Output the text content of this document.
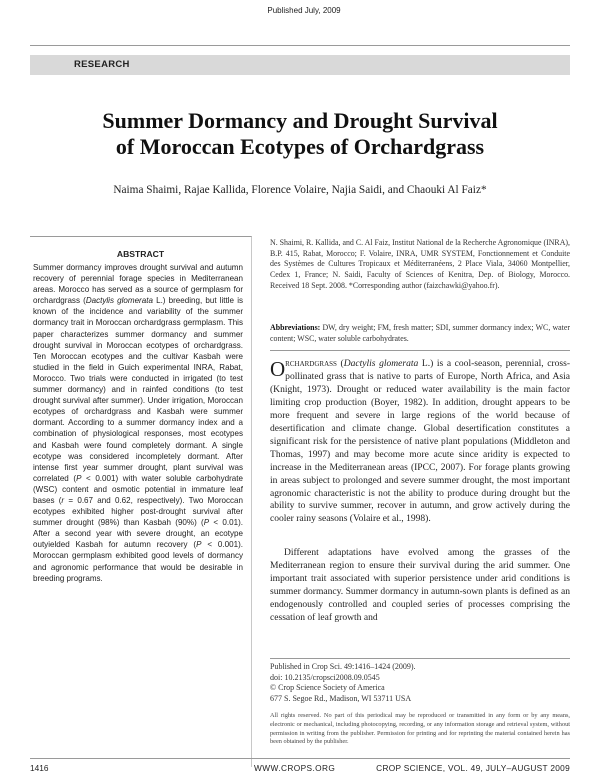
Published July, 2009
RESEARCH
Summer Dormancy and Drought Survival
of Moroccan Ecotypes of Orchardgrass
Naima Shaimi, Rajae Kallida, Florence Volaire, Najia Saidi, and Chaouki Al Faiz*
ABSTRACT

Summer dormancy improves drought survival and autumn recovery of perennial forage species in Mediterranean areas. Morocco has served as a source of germplasm for orchardgrass (Dactylis glomerata L.) breeding, but little is known of the incidence and variability of the summer dormancy trait in Moroccan orchardgrass germplasm. This paper characterizes summer dormancy and summer drought survival in Moroccan ecotypes of orchardgrass. Ten Moroccan ecotypes and the cultivar Kasbah were studied in the field in Guich experimental INRA, Rabat, Morocco. Two trials were conducted in irrigated (to test summer dormancy) and in rainfed conditions (to test drought survival after summer). Under irrigation, Moroccan ecotypes of orchardgrass and Kasbah were summer dormant. According to a summer dormancy index and a combination of physiological responses, most ecotypes and Kasbah were found completely dormant. A single ecotype was considered incompletely dormant. After intense first year summer drought, plant survival was correlated (P < 0.001) with water soluble carbohydrate (WSC) content and osmotic potential in immature leaf bases (r = 0.67 and 0.62, respectively). Two Moroccan ecotypes exhibited higher post-drought survival after summer drought (98%) than Kasbah (90%) (P < 0.01). After a second year with severe drought, an ecotype outyielded Kasbah for autumn recovery (P < 0.001). Moroccan germplasm exhibited good levels of dormancy and agronomic performance that would be desirable in breeding programs.

N. Shaimi, R. Kallida, and C. Al Faiz, Institut National de la Recherche Agronomique (INRA), B.P. 415, Rabat, Morocco; F. Volaire, INRA, UMR SYSTEM, Fonctionnement et Conduite des Systèmes de Cultures Tropicaux et Méditerranéens, 2 Place Viala, 34060 Montpellier, Cedex 1, France; N. Saidi, Faculty of Sciences of Kenitra, Dep. of Biology, Morocco. Received 18 Sept. 2008. *Corresponding author (faizchawki@yahoo.fr).

Abbreviations: DW, dry weight; FM, fresh matter; SDI, summer dormancy index; WC, water content; WSC, water soluble carbohydrates.

Orchardgrass (Dactylis glomerata L.) is a cool-season, perennial, cross-pollinated grass that is native to parts of Europe, North Africa, and Asia (Knight, 1973). Drought or reduced water availability is the main factor limiting crop production (Boyer, 1982). In addition, drought appears to be more frequent and severe in large regions of the world because of desertification and climate change. Global desertification constitutes a significant risk for the persistence of native plant populations (Middleton and Thomas, 1997) and may become more acute since aridity is expected to increase in the Mediterranean areas (IPCC, 2007). For forage plants growing in areas subject to prolonged and severe summer drought, the most important agronomic characteristic is not the ability to produce during drought but the ability to survive summer, recover in autumn, and grow actively during the cooler rainy seasons (Volaire et al., 1998).

Different adaptations have evolved among the grasses of the Mediterranean region to ensure their survival during the arid summer. One important trait associated with superior persistence under arid conditions is summer dormancy. Summer dormancy in autumn-sown plants is defined as an endogenously controlled and coupled series of processes comprising the cessation of leaf growth and

Published in Crop Sci. 49:1416–1424 (2009).
doi: 10.2135/cropsci2008.09.0545
© Crop Science Society of America
677 S. Segoe Rd., Madison, WI 53711 USA

All rights reserved. No part of this periodical may be reproduced or transmitted in any form or by any means, electronic or mechanical, including photocopying, recording, or any information storage and retrieval system, without permission in writing from the publisher. Permission for printing and for reprinting the material contained herein has been obtained by the publisher.

1416	WWW.CROPS.ORG	CROP SCIENCE, VOL. 49, JULY–AUGUST 2009
